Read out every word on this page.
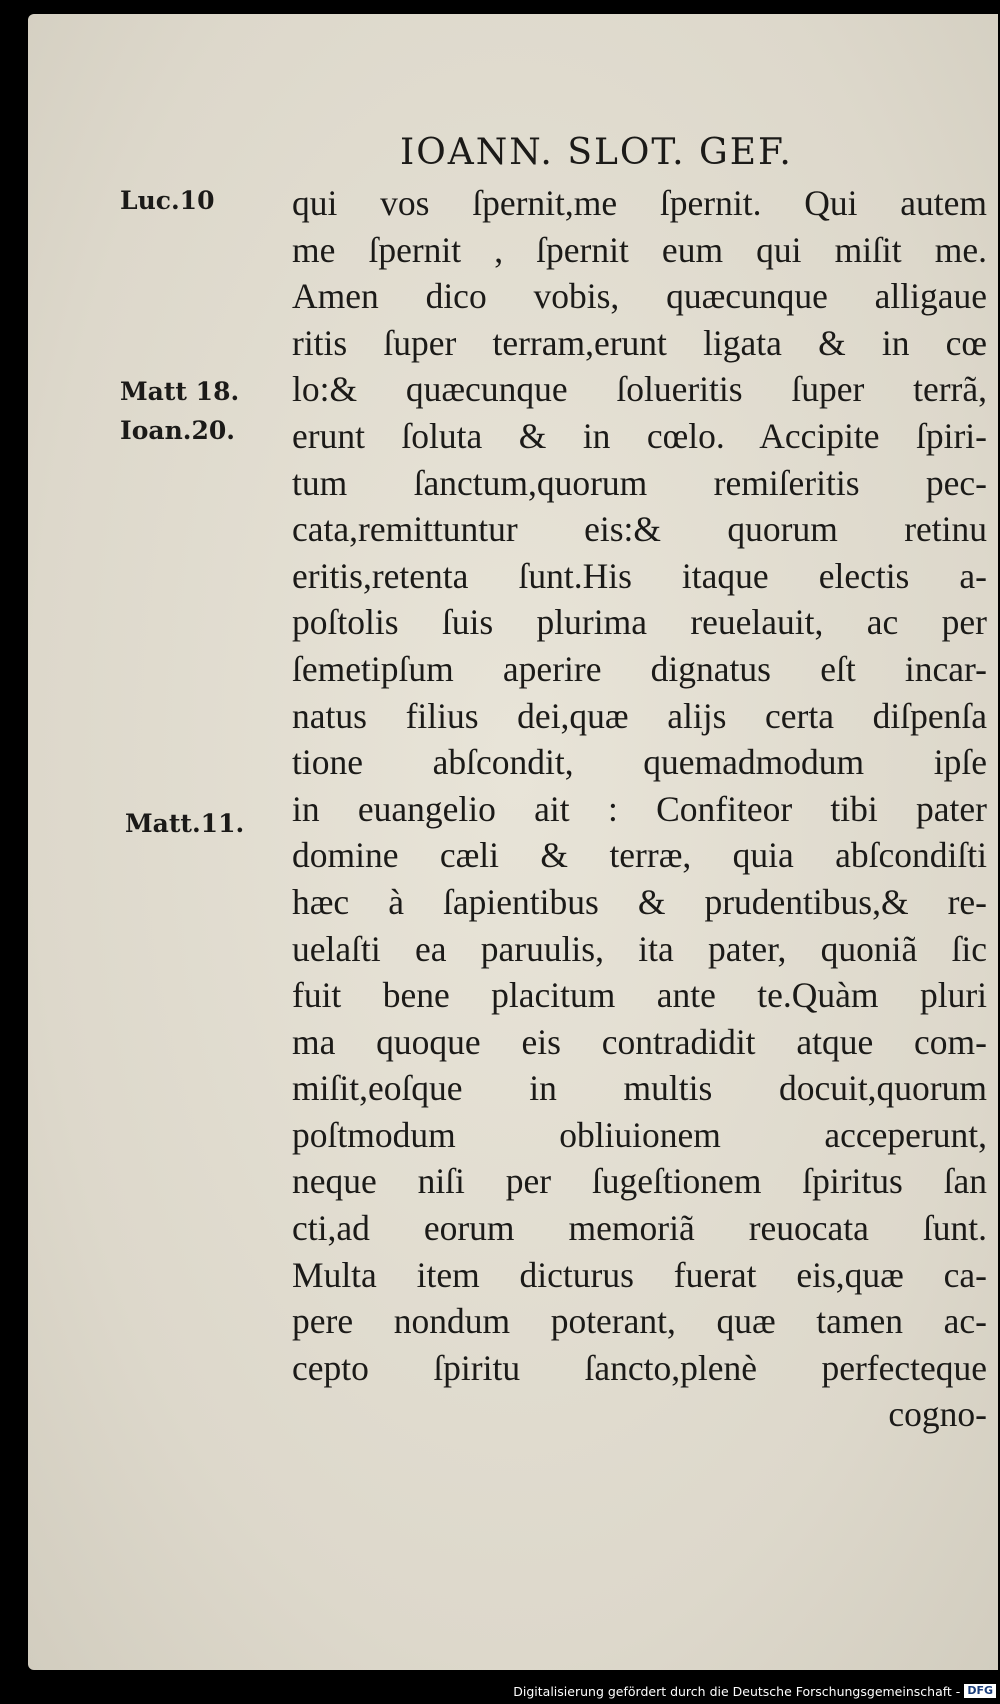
IOANN. SLOT. GEF.
Luc.10
Matt 18.
Ioan.20.
Matt.11.
qui vos ſpernit,me ſpernit. Qui autem
me ſpernit , ſpernit eum qui miſit me.
Amen dico vobis, quæcunque alligaue
ritis ſuper terram,erunt ligata & in cœ
lo:& quæcunque ſolueritis ſuper terrã,
erunt ſoluta & in cœlo. Accipite ſpiri-
tum ſanctum,quorum remiſeritis pec-
cata,remittuntur eis:& quorum retinu
eritis,retenta ſunt.His itaque electis a-
poſtolis ſuis plurima reuelauit, ac per
ſemetipſum aperire dignatus eſt incar-
natus filius dei,quæ alijs certa diſpenſa
tione abſcondit, quemadmodum ipſe
in euangelio ait : Confiteor tibi pater
domine cæli & terræ, quia abſcondiſti
hæc à ſapientibus & prudentibus,& re-
uelaſti ea paruulis, ita pater, quoniã ſic
fuit bene placitum ante te.Quàm pluri
ma quoque eis contradidit atque com-
miſit,eoſque in multis docuit,quorum
poſtmodum obliuionem acceperunt,
neque niſi per ſugeſtionem ſpiritus ſan
cti,ad eorum memoriã reuocata ſunt.
Multa item dicturus fuerat eis,quæ ca-
pere nondum poterant, quæ tamen ac-
cepto ſpiritu ſancto,plenè perfecteque
cogno-
Digitalisierung gefördert durch die Deutsche Forschungsgemeinschaft - DFG
